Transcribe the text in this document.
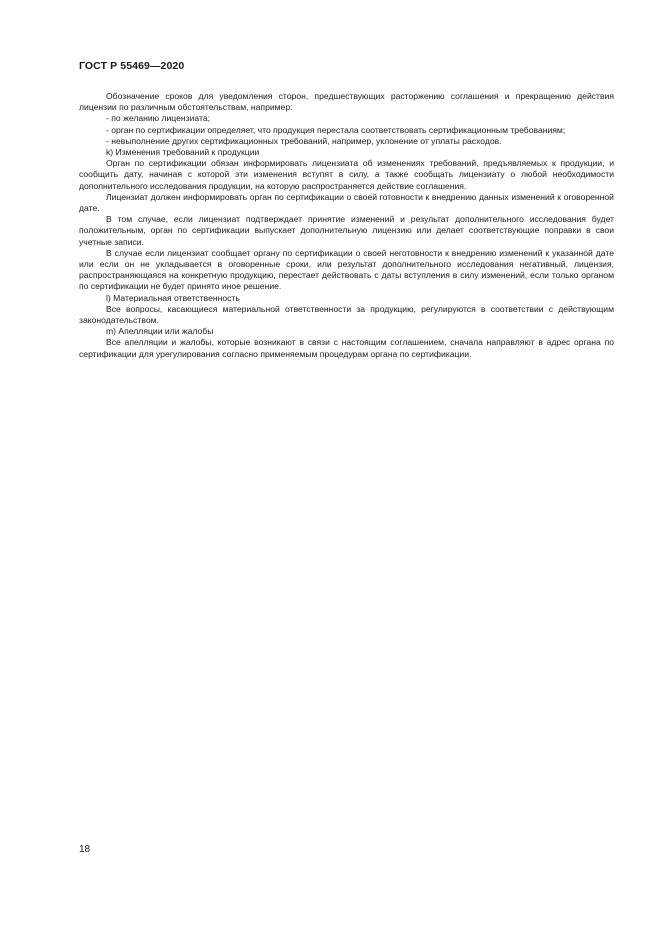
ГОСТ Р 55469—2020

Обозначение сроков для уведомления сторон, предшествующих расторжению соглашения и прекращению действия лицензии по различным обстоятельствам, например:

- по желанию лицензиата;

- орган по сертификации определяет, что продукция перестала соответствовать сертификационным требованиям;

- невыполнение других сертификационных требований, например, уклонение от уплаты расходов.

k) Изменения требований к продукции

Орган по сертификации обязан информировать лицензиата об изменениях требований, предъявляемых к продукции, и сообщить дату, начиная с которой эти изменения вступят в силу, а также сообщать лицензиату о любой необходимости дополнительного исследования продукции, на которую распространяется действие соглашения.

Лицензиат должен информировать орган по сертификации о своей готовности к внедрению данных изменений к оговоренной дате.

В том случае, если лицензиат подтверждает принятие изменений и результат дополнительного исследования будет положительным, орган по сертификации выпускает дополнительную лицензию или делает соответствующие поправки в свои учетные записи.

В случае если лицензиат сообщает органу по сертификации о своей неготовности к внедрению изменений к указанной дате или если он не укладывается в оговоренные сроки, или результат дополнительного исследования негативный, лицензия, распространяющаяся на конкретную продукцию, перестает действовать с даты вступления в силу изменений, если только органом по сертификации не будет принято иное решение.

l) Материальная ответственность

Все вопросы, касающиеся материальной ответственности за продукцию, регулируются в соответствии с действующим законодательством.

m) Апелляции или жалобы

Все апелляции и жалобы, которые возникают в связи с настоящим соглашением, сначала направляют в адрес органа по сертификации для урегулирования согласно применяемым процедурам органа по сертификации.

18
